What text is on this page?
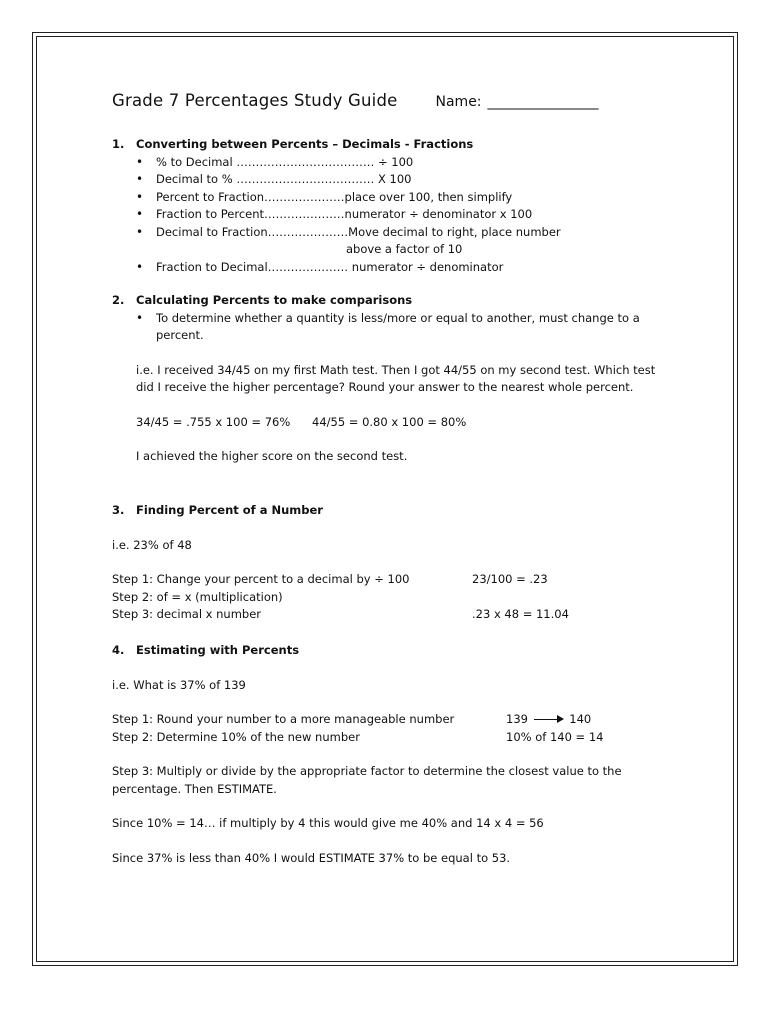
Grade 7 Percentages Study Guide	Name: _________________
1.	Converting between Percents – Decimals - Fractions
• % to Decimal ……………………………… ÷ 100
• Decimal to % ……………………………… X 100
• Percent to Fraction…………………place over 100, then simplify
• Fraction to Percent…………………numerator ÷ denominator x 100
• Decimal to Fraction…………………Move decimal to right, place number
above a factor of 10
• Fraction to Decimal………………… numerator ÷ denominator
2.	Calculating Percents to make comparisons
• To determine whether a quantity is less/more or equal to another, must change to a percent.
i.e. I received 34/45 on my first Math test. Then I got 44/55 on my second test. Which test did I receive the higher percentage? Round your answer to the nearest whole percent.
34/45 = .755 x 100 = 76%	44/55 = 0.80 x 100 = 80%
I achieved the higher score on the second test.
3.	Finding Percent of a Number
i.e. 23% of 48
Step 1: Change your percent to a decimal by ÷ 100	23/100 = .23
Step 2: of = x (multiplication)
Step 3: decimal x number	.23 x 48 = 11.04
4.	Estimating with Percents
i.e. What is 37% of 139
Step 1: Round your number to a more manageable number	139	140
Step 2: Determine 10% of the new number	10% of 140 = 14
Step 3: Multiply or divide by the appropriate factor to determine the closest value to the percentage. Then ESTIMATE.
Since 10% = 14… if multiply by 4 this would give me 40% and 14 x 4 = 56
Since 37% is less than 40% I would ESTIMATE 37% to be equal to 53.
